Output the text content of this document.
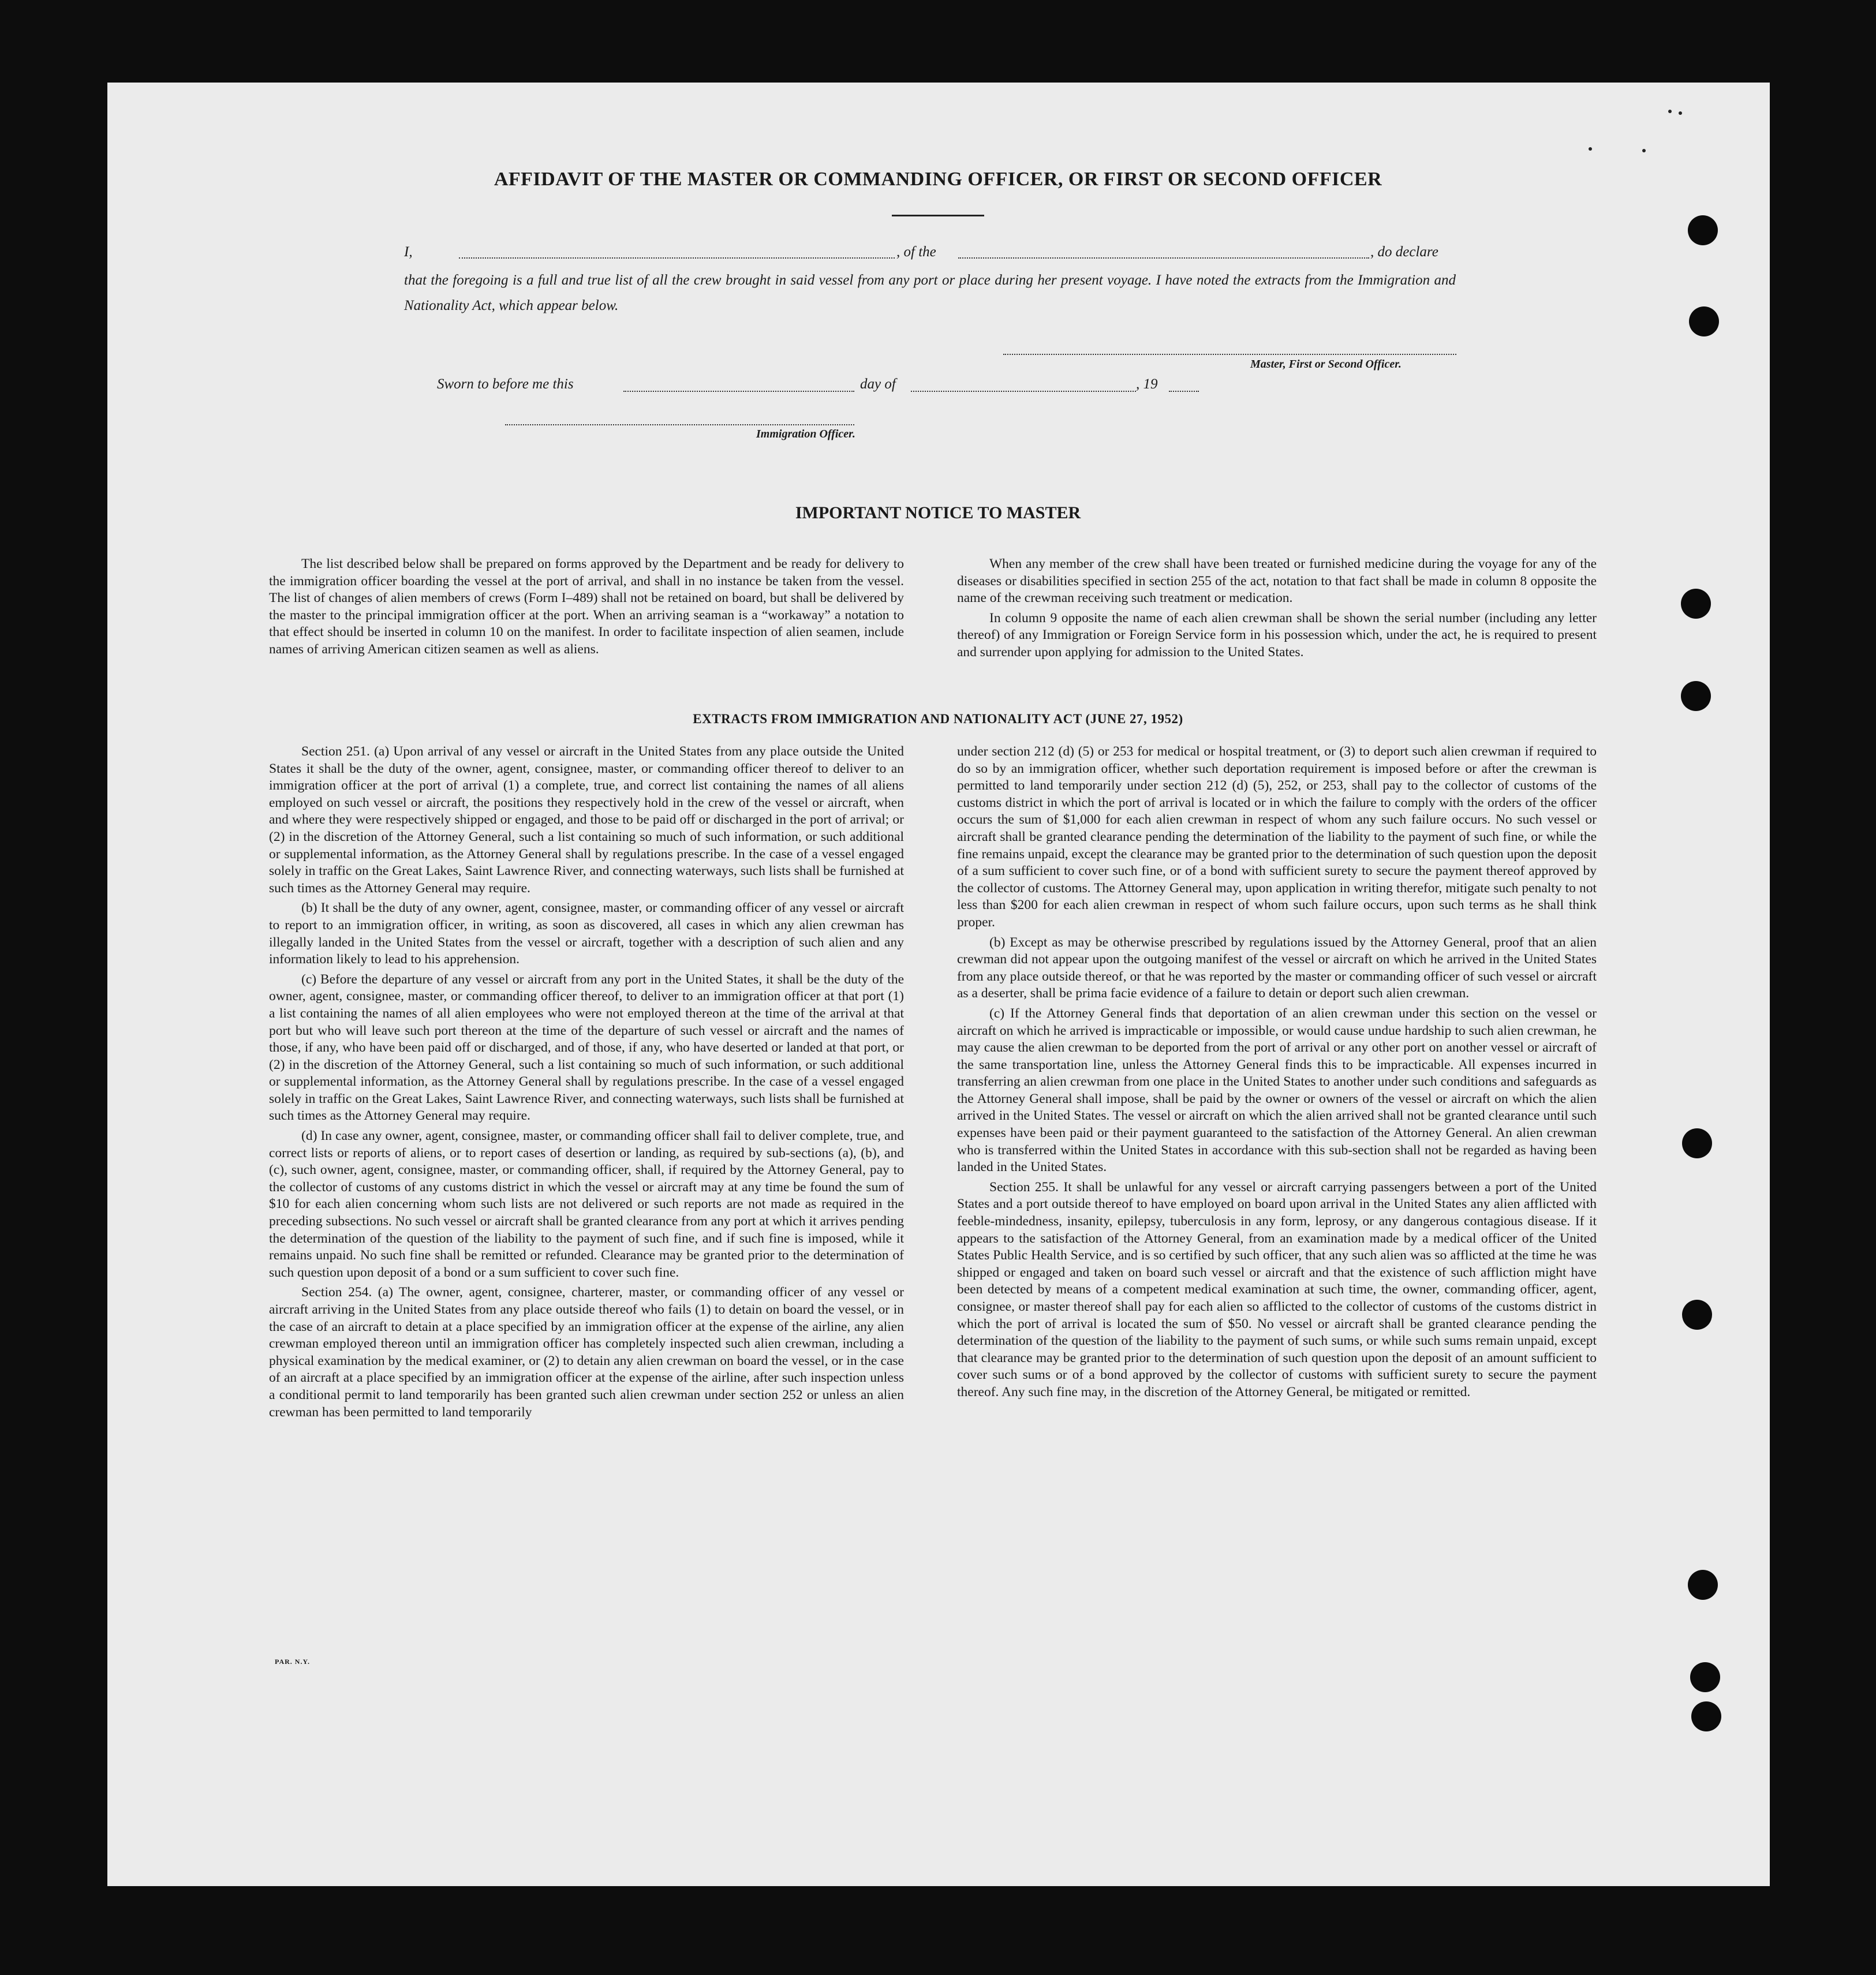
AFFIDAVIT OF THE MASTER OR COMMANDING OFFICER, OR FIRST OR SECOND OFFICER
I,	, of the	, do declare
that the foregoing is a full and true list of all the crew brought in said vessel from any port or place during her present voyage. I have noted the extracts from the Immigration and Nationality Act, which appear below.
Master, First or Second Officer.
Sworn to before me this	day of	, 19
Immigration Officer.
IMPORTANT NOTICE TO MASTER

The list described below shall be prepared on forms approved by the Department and be ready for delivery to the immigration officer boarding the vessel at the port of arrival, and shall in no instance be taken from the vessel. The list of changes of alien members of crews (Form I–489) shall not be retained on board, but shall be delivered by the master to the principal immigration officer at the port. When an arriving seaman is a “workaway” a notation to that effect should be inserted in column 10 on the manifest. In order to facilitate inspection of alien seamen, include names of arriving American citizen seamen as well as aliens.

When any member of the crew shall have been treated or furnished medicine during the voyage for any of the diseases or disabilities specified in section 255 of the act, notation to that fact shall be made in column 8 opposite the name of the crewman receiving such treatment or medication.

In column 9 opposite the name of each alien crewman shall be shown the serial number (including any letter thereof) of any Immigration or Foreign Service form in his possession which, under the act, he is required to present and surrender upon applying for admission to the United States.

EXTRACTS FROM IMMIGRATION AND NATIONALITY ACT (JUNE 27, 1952)

Section 251. (a) Upon arrival of any vessel or aircraft in the United States from any place outside the United States it shall be the duty of the owner, agent, consignee, master, or commanding officer thereof to deliver to an immigration officer at the port of arrival (1) a complete, true, and correct list containing the names of all aliens employed on such vessel or aircraft, the positions they respectively hold in the crew of the vessel or aircraft, when and where they were respectively shipped or engaged, and those to be paid off or discharged in the port of arrival; or (2) in the discretion of the Attorney General, such a list containing so much of such information, or such additional or supplemental information, as the Attorney General shall by regulations prescribe. In the case of a vessel engaged solely in traffic on the Great Lakes, Saint Lawrence River, and connecting waterways, such lists shall be furnished at such times as the Attorney General may require.

(b) It shall be the duty of any owner, agent, consignee, master, or commanding officer of any vessel or aircraft to report to an immigration officer, in writing, as soon as discovered, all cases in which any alien crewman has illegally landed in the United States from the vessel or aircraft, together with a description of such alien and any information likely to lead to his apprehension.

(c) Before the departure of any vessel or aircraft from any port in the United States, it shall be the duty of the owner, agent, consignee, master, or commanding officer thereof, to deliver to an immigration officer at that port (1) a list containing the names of all alien employees who were not employed thereon at the time of the arrival at that port but who will leave such port thereon at the time of the departure of such vessel or aircraft and the names of those, if any, who have been paid off or discharged, and of those, if any, who have deserted or landed at that port, or (2) in the discretion of the Attorney General, such a list containing so much of such information, or such additional or supplemental information, as the Attorney General shall by regulations prescribe. In the case of a vessel engaged solely in traffic on the Great Lakes, Saint Lawrence River, and connecting waterways, such lists shall be furnished at such times as the Attorney General may require.

(d) In case any owner, agent, consignee, master, or commanding officer shall fail to deliver complete, true, and correct lists or reports of aliens, or to report cases of desertion or landing, as required by sub-sections (a), (b), and (c), such owner, agent, consignee, master, or commanding officer, shall, if required by the Attorney General, pay to the collector of customs of any customs district in which the vessel or aircraft may at any time be found the sum of $10 for each alien concerning whom such lists are not delivered or such reports are not made as required in the preceding subsections. No such vessel or aircraft shall be granted clearance from any port at which it arrives pending the determination of the question of the liability to the payment of such fine, and if such fine is imposed, while it remains unpaid. No such fine shall be remitted or refunded. Clearance may be granted prior to the determination of such question upon deposit of a bond or a sum sufficient to cover such fine.

Section 254. (a) The owner, agent, consignee, charterer, master, or commanding officer of any vessel or aircraft arriving in the United States from any place outside thereof who fails (1) to detain on board the vessel, or in the case of an aircraft to detain at a place specified by an immigration officer at the expense of the airline, any alien crewman employed thereon until an immigration officer has completely inspected such alien crewman, including a physical examination by the medical examiner, or (2) to detain any alien crewman on board the vessel, or in the case of an aircraft at a place specified by an immigration officer at the expense of the airline, after such inspection unless a conditional permit to land temporarily has been granted such alien crewman under section 252 or unless an alien crewman has been permitted to land temporarily

under section 212 (d) (5) or 253 for medical or hospital treatment, or (3) to deport such alien crewman if required to do so by an immigration officer, whether such deportation requirement is imposed before or after the crewman is permitted to land temporarily under section 212 (d) (5), 252, or 253, shall pay to the collector of customs of the customs district in which the port of arrival is located or in which the failure to comply with the orders of the officer occurs the sum of $1,000 for each alien crewman in respect of whom any such failure occurs. No such vessel or aircraft shall be granted clearance pending the determination of the liability to the payment of such fine, or while the fine remains unpaid, except the clearance may be granted prior to the determination of such question upon the deposit of a sum sufficient to cover such fine, or of a bond with sufficient surety to secure the payment thereof approved by the collector of customs. The Attorney General may, upon application in writing therefor, mitigate such penalty to not less than $200 for each alien crewman in respect of whom such failure occurs, upon such terms as he shall think proper.

(b) Except as may be otherwise prescribed by regulations issued by the Attorney General, proof that an alien crewman did not appear upon the outgoing manifest of the vessel or aircraft on which he arrived in the United States from any place outside thereof, or that he was reported by the master or commanding officer of such vessel or aircraft as a deserter, shall be prima facie evidence of a failure to detain or deport such alien crewman.

(c) If the Attorney General finds that deportation of an alien crewman under this section on the vessel or aircraft on which he arrived is impracticable or impossible, or would cause undue hardship to such alien crewman, he may cause the alien crewman to be deported from the port of arrival or any other port on another vessel or aircraft of the same transportation line, unless the Attorney General finds this to be impracticable. All expenses incurred in transferring an alien crewman from one place in the United States to another under such conditions and safeguards as the Attorney General shall impose, shall be paid by the owner or owners of the vessel or aircraft on which the alien arrived in the United States. The vessel or aircraft on which the alien arrived shall not be granted clearance until such expenses have been paid or their payment guaranteed to the satisfaction of the Attorney General. An alien crewman who is transferred within the United States in accordance with this sub-section shall not be regarded as having been landed in the United States.

Section 255. It shall be unlawful for any vessel or aircraft carrying passengers between a port of the United States and a port outside thereof to have employed on board upon arrival in the United States any alien afflicted with feeble-mindedness, insanity, epilepsy, tuberculosis in any form, leprosy, or any dangerous contagious disease. If it appears to the satisfaction of the Attorney General, from an examination made by a medical officer of the United States Public Health Service, and is so certified by such officer, that any such alien was so afflicted at the time he was shipped or engaged and taken on board such vessel or aircraft and that the existence of such affliction might have been detected by means of a competent medical examination at such time, the owner, commanding officer, agent, consignee, or master thereof shall pay for each alien so afflicted to the collector of customs of the customs district in which the port of arrival is located the sum of $50. No vessel or aircraft shall be granted clearance pending the determination of the question of the liability to the payment of such sums, or while such sums remain unpaid, except that clearance may be granted prior to the determination of such question upon the deposit of an amount sufficient to cover such sums or of a bond approved by the collector of customs with sufficient surety to secure the payment thereof. Any such fine may, in the discretion of the Attorney General, be mitigated or remitted.

PAR. N.Y.
